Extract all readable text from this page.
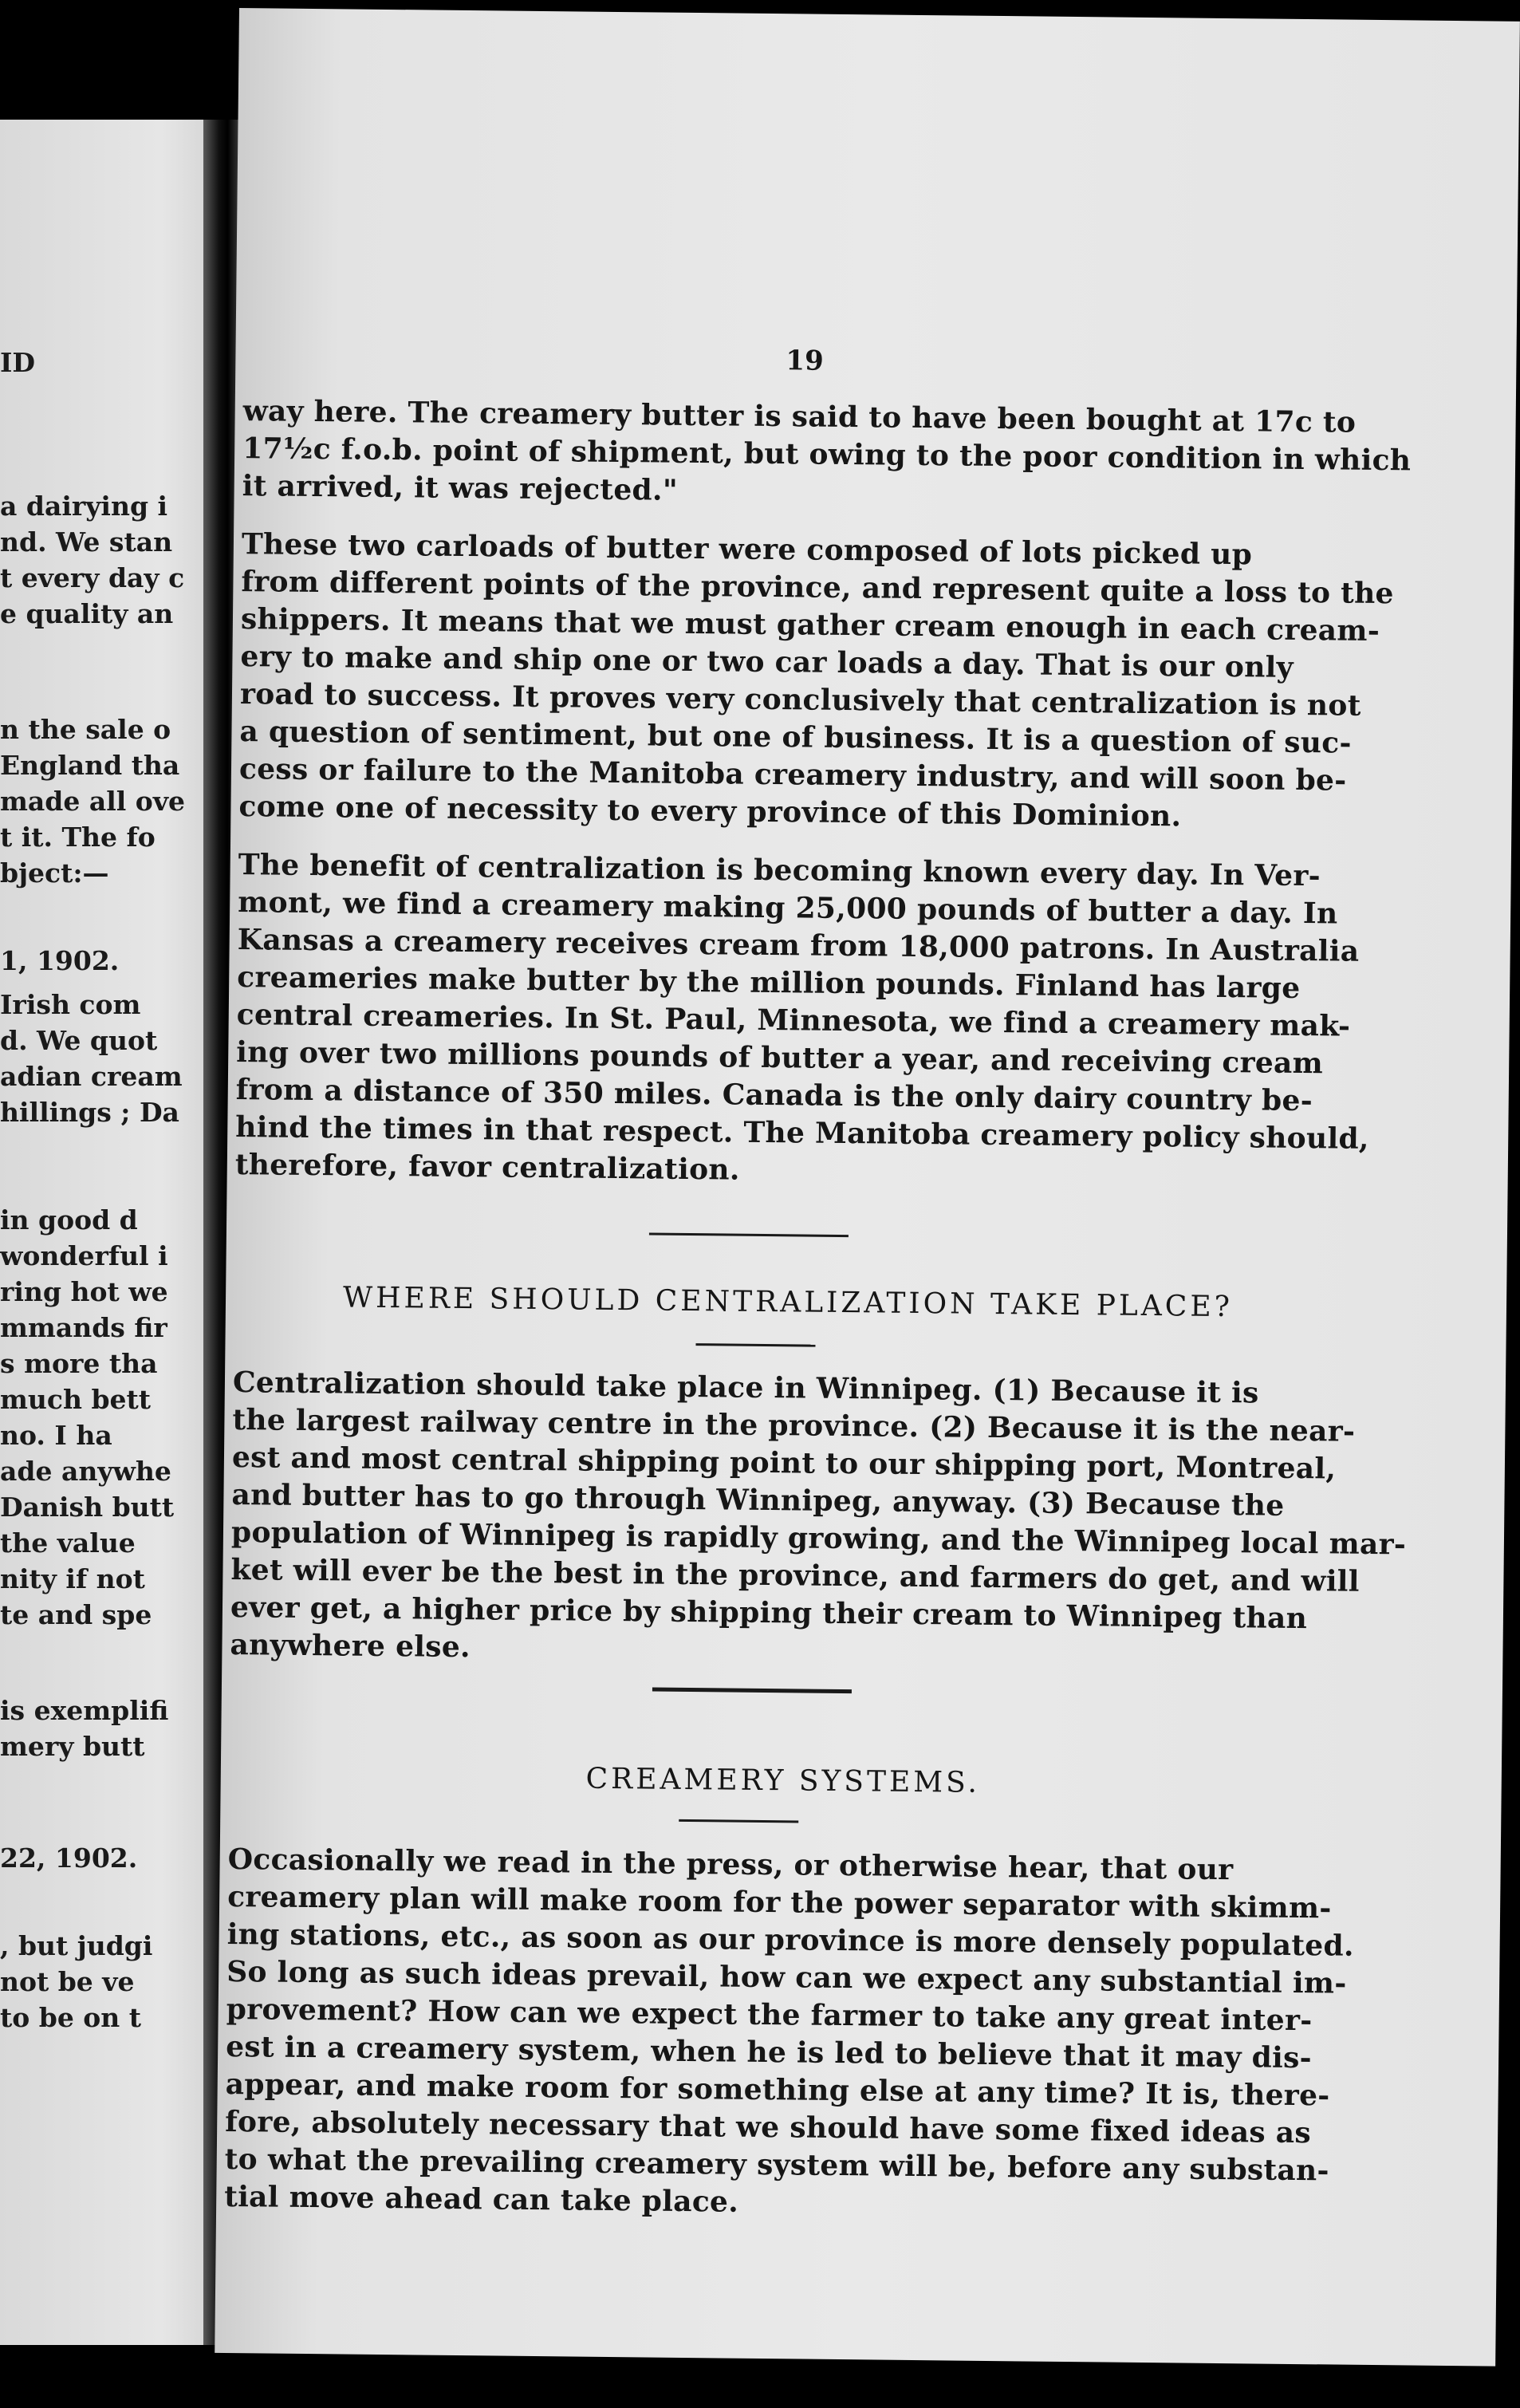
ID
a dairying i
nd. We stan
t every day c
e quality an
n the sale o
England tha
made all ove
t it. The fo
bject:—
1, 1902.
Irish com
d. We quot
adian cream
hillings ; Da
in good d
wonderful i
ring hot we
mmands fir
s more tha
much bett
no. I ha
ade anywhe
Danish butt
the value
nity if not
te and spe
is exemplifi
mery butt
22, 1902.
, but judgi
not be ve
to be on t
19
way here. The creamery butter is said to have been bought at 17c to
17½c f.o.b. point of shipment, but owing to the poor condition in which
it arrived, it was rejected."
These two carloads of butter were composed of lots picked up
from different points of the province, and represent quite a loss to the
shippers. It means that we must gather cream enough in each cream-
ery to make and ship one or two car loads a day. That is our only
road to success. It proves very conclusively that centralization is not
a question of sentiment, but one of business. It is a question of suc-
cess or failure to the Manitoba creamery industry, and will soon be-
come one of necessity to every province of this Dominion.
The benefit of centralization is becoming known every day. In Ver-
mont, we find a creamery making 25,000 pounds of butter a day. In
Kansas a creamery receives cream from 18,000 patrons. In Australia
creameries make butter by the million pounds. Finland has large
central creameries. In St. Paul, Minnesota, we find a creamery mak-
ing over two millions pounds of butter a year, and receiving cream
from a distance of 350 miles. Canada is the only dairy country be-
hind the times in that respect. The Manitoba creamery policy should,
therefore, favor centralization.
WHERE SHOULD CENTRALIZATION TAKE PLACE?
Centralization should take place in Winnipeg. (1) Because it is
the largest railway centre in the province. (2) Because it is the near-
est and most central shipping point to our shipping port, Montreal,
and butter has to go through Winnipeg, anyway. (3) Because the
population of Winnipeg is rapidly growing, and the Winnipeg local mar-
ket will ever be the best in the province, and farmers do get, and will
ever get, a higher price by shipping their cream to Winnipeg than
anywhere else.
CREAMERY SYSTEMS.
Occasionally we read in the press, or otherwise hear, that our
creamery plan will make room for the power separator with skimm-
ing stations, etc., as soon as our province is more densely populated.
So long as such ideas prevail, how can we expect any substantial im-
provement? How can we expect the farmer to take any great inter-
est in a creamery system, when he is led to believe that it may dis-
appear, and make room for something else at any time? It is, there-
fore, absolutely necessary that we should have some fixed ideas as
to what the prevailing creamery system will be, before any substan-
tial move ahead can take place.
